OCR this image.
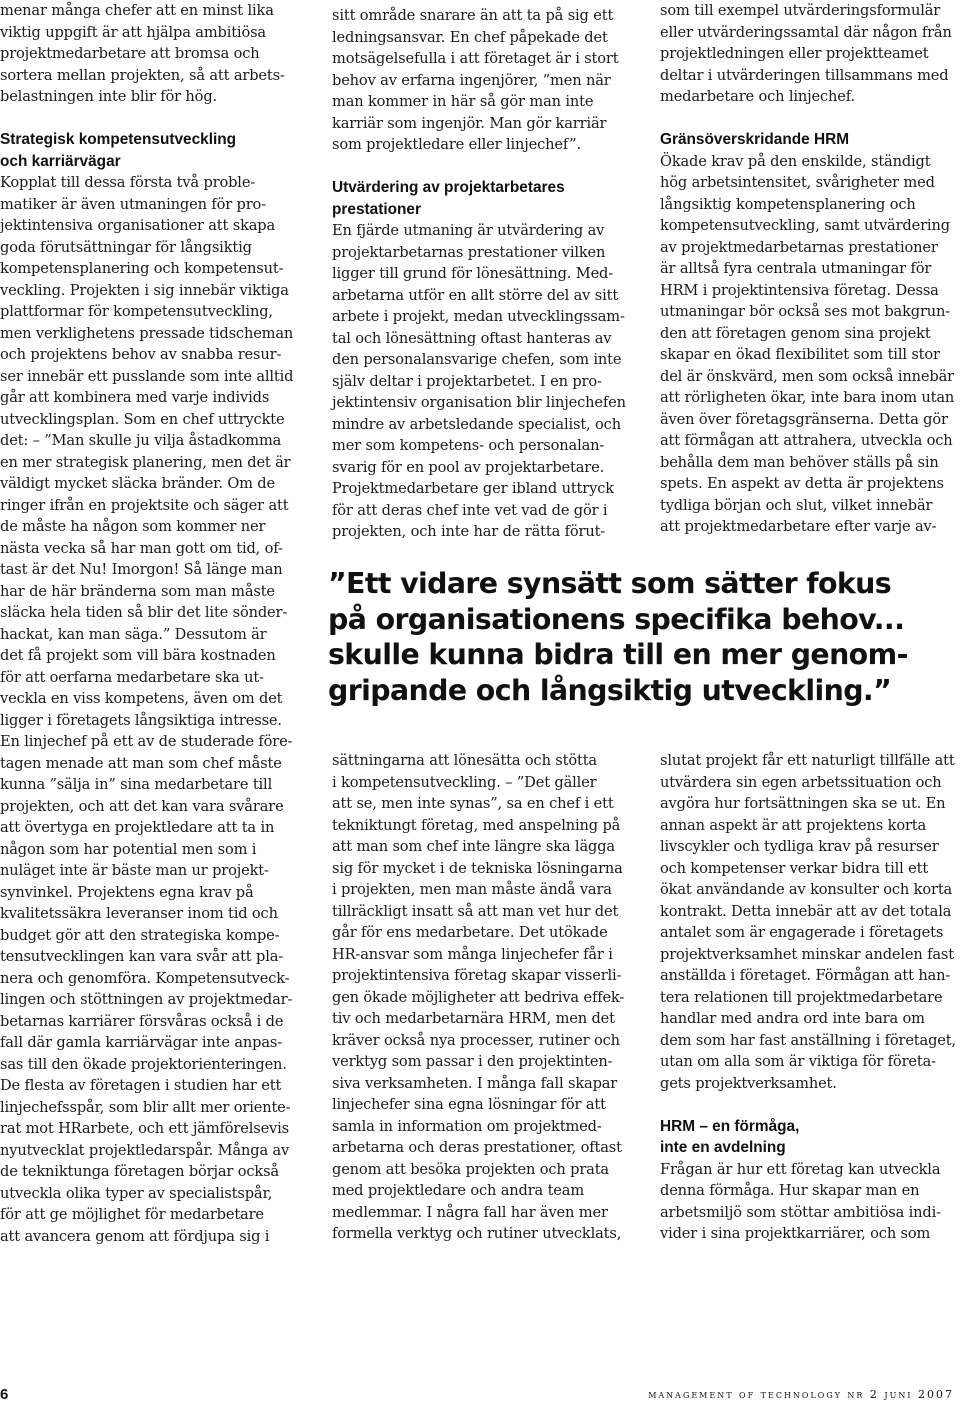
menar många chefer att en minst lika
viktig uppgift är att hjälpa ambitiösa
projektmedarbetare att bromsa och
sortera mellan projekten, så att arbets-
belastningen inte blir för hög.
Strategisk kompetensutveckling
och karriärvägar
Kopplat till dessa första två proble-
matiker är även utmaningen för pro-
jektintensiva organisationer att skapa
goda förutsättningar för långsiktig
kompetensplanering och kompetensut-
veckling. Projekten i sig innebär viktiga
plattformar för kompetensutveckling,
men verklighetens pressade tidscheman
och projektens behov av snabba resur-
ser innebär ett pusslande som inte alltid
går att kombinera med varje individs
utvecklingsplan. Som en chef uttryckte
det: – ”Man skulle ju vilja åstadkomma
en mer strategisk planering, men det är
väldigt mycket släcka bränder. Om de
ringer ifrån en projektsite och säger att
de måste ha någon som kommer ner
nästa vecka så har man gott om tid, of-
tast är det Nu! Imorgon! Så länge man
har de här bränderna som man måste
släcka hela tiden så blir det lite sönder-
hackat, kan man säga.” Dessutom är
det få projekt som vill bära kostnaden
för att oerfarna medarbetare ska ut-
veckla en viss kompetens, även om det
ligger i företagets långsiktiga intresse.
En linjechef på ett av de studerade före-
tagen menade att man som chef måste
kunna ”sälja in” sina medarbetare till
projekten, och att det kan vara svårare
att övertyga en projektledare att ta in
någon som har potential men som i
nuläget inte är bäste man ur projekt-
synvinkel. Projektens egna krav på
kvalitetssäkra leveranser inom tid och
budget gör att den strategiska kompe-
tensutvecklingen kan vara svår att pla-
nera och genomföra. Kompetensutveck-
lingen och stöttningen av projektmedar-
betarnas karriärer försvåras också i de
fall där gamla karriärvägar inte anpas-
sas till den ökade projektorienteringen.
De flesta av företagen i studien har ett
linjechefsspår, som blir allt mer oriente-
rat mot HRarbete, och ett jämförelsevis
nyutvecklat projektledarspår. Många av
de tekniktunga företagen börjar också
utveckla olika typer av specialistspår,
för att ge möjlighet för medarbetare
att avancera genom att fördjupa sig i
sitt område snarare än att ta på sig ett
ledningsansvar. En chef påpekade det
motsägelsefulla i att företaget är i stort
behov av erfarna ingenjörer, ”men när
man kommer in här så gör man inte
karriär som ingenjör. Man gör karriär
som projektledare eller linjechef”.
Utvärdering av projektarbetares
prestationer
En fjärde utmaning är utvärdering av
projektarbetarnas prestationer vilken
ligger till grund för lönesättning. Med-
arbetarna utför en allt större del av sitt
arbete i projekt, medan utvecklingssam-
tal och lönesättning oftast hanteras av
den personalansvarige chefen, som inte
själv deltar i projektarbetet. I en pro-
jektintensiv organisation blir linjechefen
mindre av arbetsledande specialist, och
mer som kompetens- och personalan-
svarig för en pool av projektarbetare.
Projektmedarbetare ger ibland uttryck
för att deras chef inte vet vad de gör i
projekten, och inte har de rätta förut-
som till exempel utvärderingsformulär
eller utvärderingssamtal där någon från
projektledningen eller projektteamet
deltar i utvärderingen tillsammans med
medarbetare och linjechef.
Gränsöverskridande HRM
Ökade krav på den enskilde, ständigt
hög arbetsintensitet, svårigheter med
långsiktig kompetensplanering och
kompetensutveckling, samt utvärdering
av projektmedarbetarnas prestationer
är alltså fyra centrala utmaningar för
HRM i projektintensiva företag. Dessa
utmaningar bör också ses mot bakgrun-
den att företagen genom sina projekt
skapar en ökad flexibilitet som till stor
del är önskvärd, men som också innebär
att rörligheten ökar, inte bara inom utan
även över företagsgränserna. Detta gör
att förmågan att attrahera, utveckla och
behålla dem man behöver ställs på sin
spets. En aspekt av detta är projektens
tydliga början och slut, vilket innebär
att projektmedarbetare efter varje av-
”Ett vidare synsätt som sätter fokus
på organisationens specifika behov...
skulle kunna bidra till en mer genom-
gripande och långsiktig utveckling.”
sättningarna att lönesätta och stötta
i kompetensutveckling. – ”Det gäller
att se, men inte synas”, sa en chef i ett
tekniktungt företag, med anspelning på
att man som chef inte längre ska lägga
sig för mycket i de tekniska lösningarna
i projekten, men man måste ändå vara
tillräckligt insatt så att man vet hur det
går för ens medarbetare. Det utökade
HR-ansvar som många linjechefer får i
projektintensiva företag skapar visserli-
gen ökade möjligheter att bedriva effek-
tiv och medarbetarnära HRM, men det
kräver också nya processer, rutiner och
verktyg som passar i den projektinten-
siva verksamheten. I många fall skapar
linjechefer sina egna lösningar för att
samla in information om projektmed-
arbetarna och deras prestationer, oftast
genom att besöka projekten och prata
med projektledare och andra team
medlemmar. I några fall har även mer
formella verktyg och rutiner utvecklats,
slutat projekt får ett naturligt tillfälle att
utvärdera sin egen arbetssituation och
avgöra hur fortsättningen ska se ut. En
annan aspekt är att projektens korta
livscykler och tydliga krav på resurser
och kompetenser verkar bidra till ett
ökat användande av konsulter och korta
kontrakt. Detta innebär att av det totala
antalet som är engagerade i företagets
projektverksamhet minskar andelen fast
anställda i företaget. Förmågan att han-
tera relationen till projektmedarbetare
handlar med andra ord inte bara om
dem som har fast anställning i företaget,
utan om alla som är viktiga för företa-
gets projektverksamhet.
HRM – en förmåga,
inte en avdelning
Frågan är hur ett företag kan utveckla
denna förmåga. Hur skapar man en
arbetsmiljö som stöttar ambitiösa indi-
vider i sina projektkarriärer, och som
6	management of technology nr 2 juni 2007
